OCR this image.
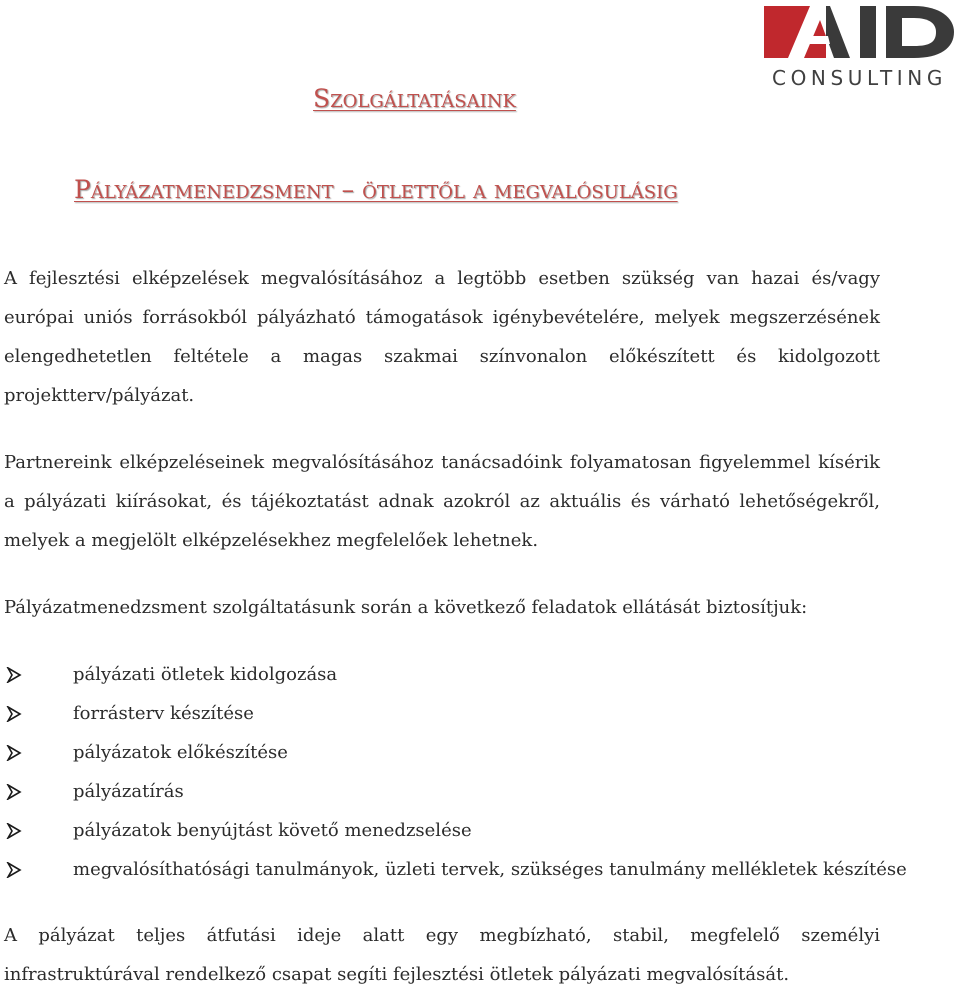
CONSULTING
Szolgáltatásaink
Pályázatmenedzsment – ötlettől a megvalósulásig

A fejlesztési elképzelések megvalósításához a legtöbb esetben szükség van hazai és/vagy európai uniós forrásokból pályázható támogatások igénybevételére, melyek megszerzésének elengedhetetlen feltétele a magas szakmai színvonalon előkészített és kidolgozott projektterv/pályázat.

Partnereink elképzeléseinek megvalósításához tanácsadóink folyamatosan figyelemmel kísérik a pályázati kiírásokat, és tájékoztatást adnak azokról az aktuális és várható lehetőségekről, melyek a megjelölt elképzelésekhez megfelelőek lehetnek.

Pályázatmenedzsment szolgáltatásunk során a következő feladatok ellátását biztosítjuk:

pályázati ötletek kidolgozása
forrásterv készítése
pályázatok előkészítése
pályázatírás
pályázatok benyújtást követő menedzselése
megvalósíthatósági tanulmányok, üzleti tervek, szükséges tanulmány mellékletek készítése

A pályázat teljes átfutási ideje alatt egy megbízható, stabil, megfelelő személyi infrastruktúrával rendelkező csapat segíti fejlesztési ötletek pályázati megvalósítását.
